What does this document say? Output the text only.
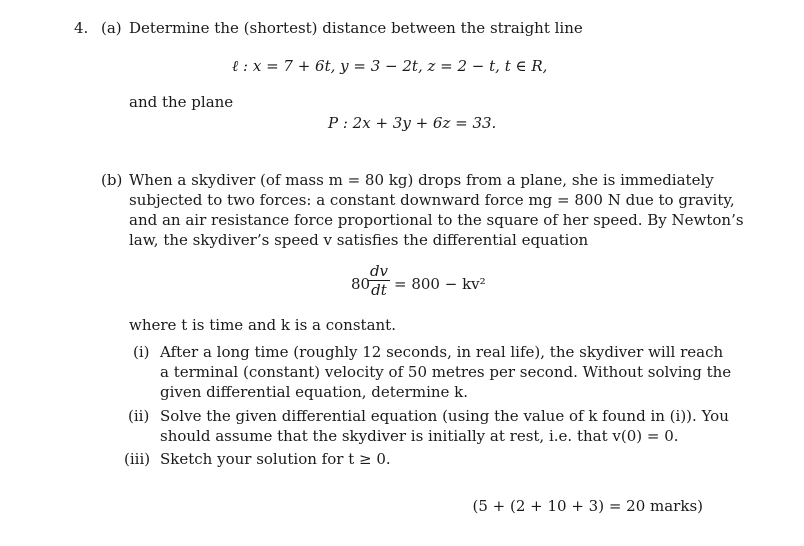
4. (a) Determine the (shortest) distance between the straight line
ℓ : x = 7 + 6t, y = 3 − 2t, z = 2 − t, t ∈ R,
and the plane
P : 2x + 3y + 6z = 33.
(b) When a skydiver (of mass m = 80 kg) drops from a plane, she is immediately
subjected to two forces: a constant downward force mg = 800 N due to gravity,
and an air resistance force proportional to the square of her speed. By Newton’s
law, the skydiver’s speed v satisfies the differential equation
80
$\frac{dv}{dt} = 800 - kv^2$
where t is time and k is a constant.
(i) After a long time (roughly 12 seconds, in real life), the skydiver will reach
a terminal (constant) velocity of 50 metres per second. Without solving the
given differential equation, determine k.
(ii) Solve the given differential equation (using the value of k found in (i)). You
should assume that the skydiver is initially at rest, i.e. that v(0) = 0.
(iii) Sketch your solution for t ≥ 0.
(5 + (2 + 10 + 3) = 20 marks)
